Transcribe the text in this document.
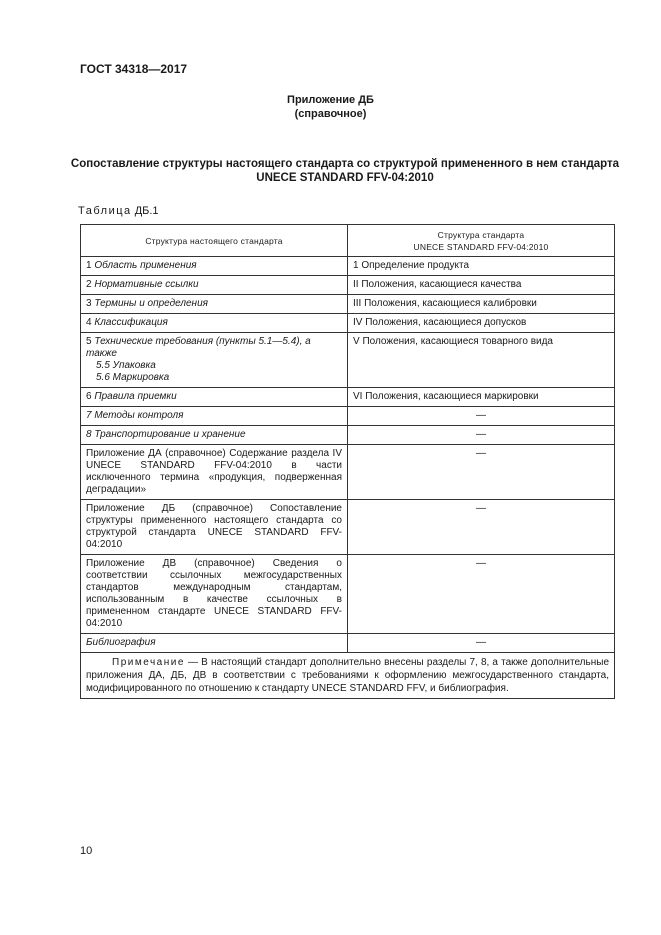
ГОСТ 34318—2017
Приложение ДБ
(справочное)
Сопоставление структуры настоящего стандарта со структурой примененного в нем стандарта
UNECE STANDARD FFV-04:2010
Таблица ДБ.1
Структура настоящего стандарта	Структура стандарта
UNECE STANDARD FFV-04:2010

1 Область применения	1 Определение продукта
2 Нормативные ссылки	II Положения, касающиеся качества
3 Термины и определения	III Положения, касающиеся калибровки
4 Классификация	IV Положения, касающиеся допусков
5 Технические требования (пункты 5.1—5.4), а также
5.5 Упаковка
5.6 Маркировка	V Положения, касающиеся товарного вида
6 Правила приемки	VI Положения, касающиеся маркировки
7 Методы контроля	—
8 Транспортирование и хранение	—
Приложение ДА (справочное) Содержание раздела IV UNECE STANDARD FFV-04:2010 в части исключенного термина «продукция, подверженная деградации»	—
Приложение ДБ (справочное) Сопоставление структуры примененного настоящего стандарта со структурой стандарта UNECE STANDARD FFV-04:2010	—
Приложение ДВ (справочное) Сведения о соответствии ссылочных межгосударственных стандартов международным стандартам, использованным в качестве ссылочных в примененном стандарте UNECE STANDARD FFV-04:2010	—
Библиография	—
Примечание — В настоящий стандарт дополнительно внесены разделы 7, 8, а также дополнительные приложения ДА, ДБ, ДВ в соответствии с требованиями к оформлению межгосударственного стандарта, модифицированного по отношению к стандарту UNECE STANDARD FFV, и библиография.	
10
